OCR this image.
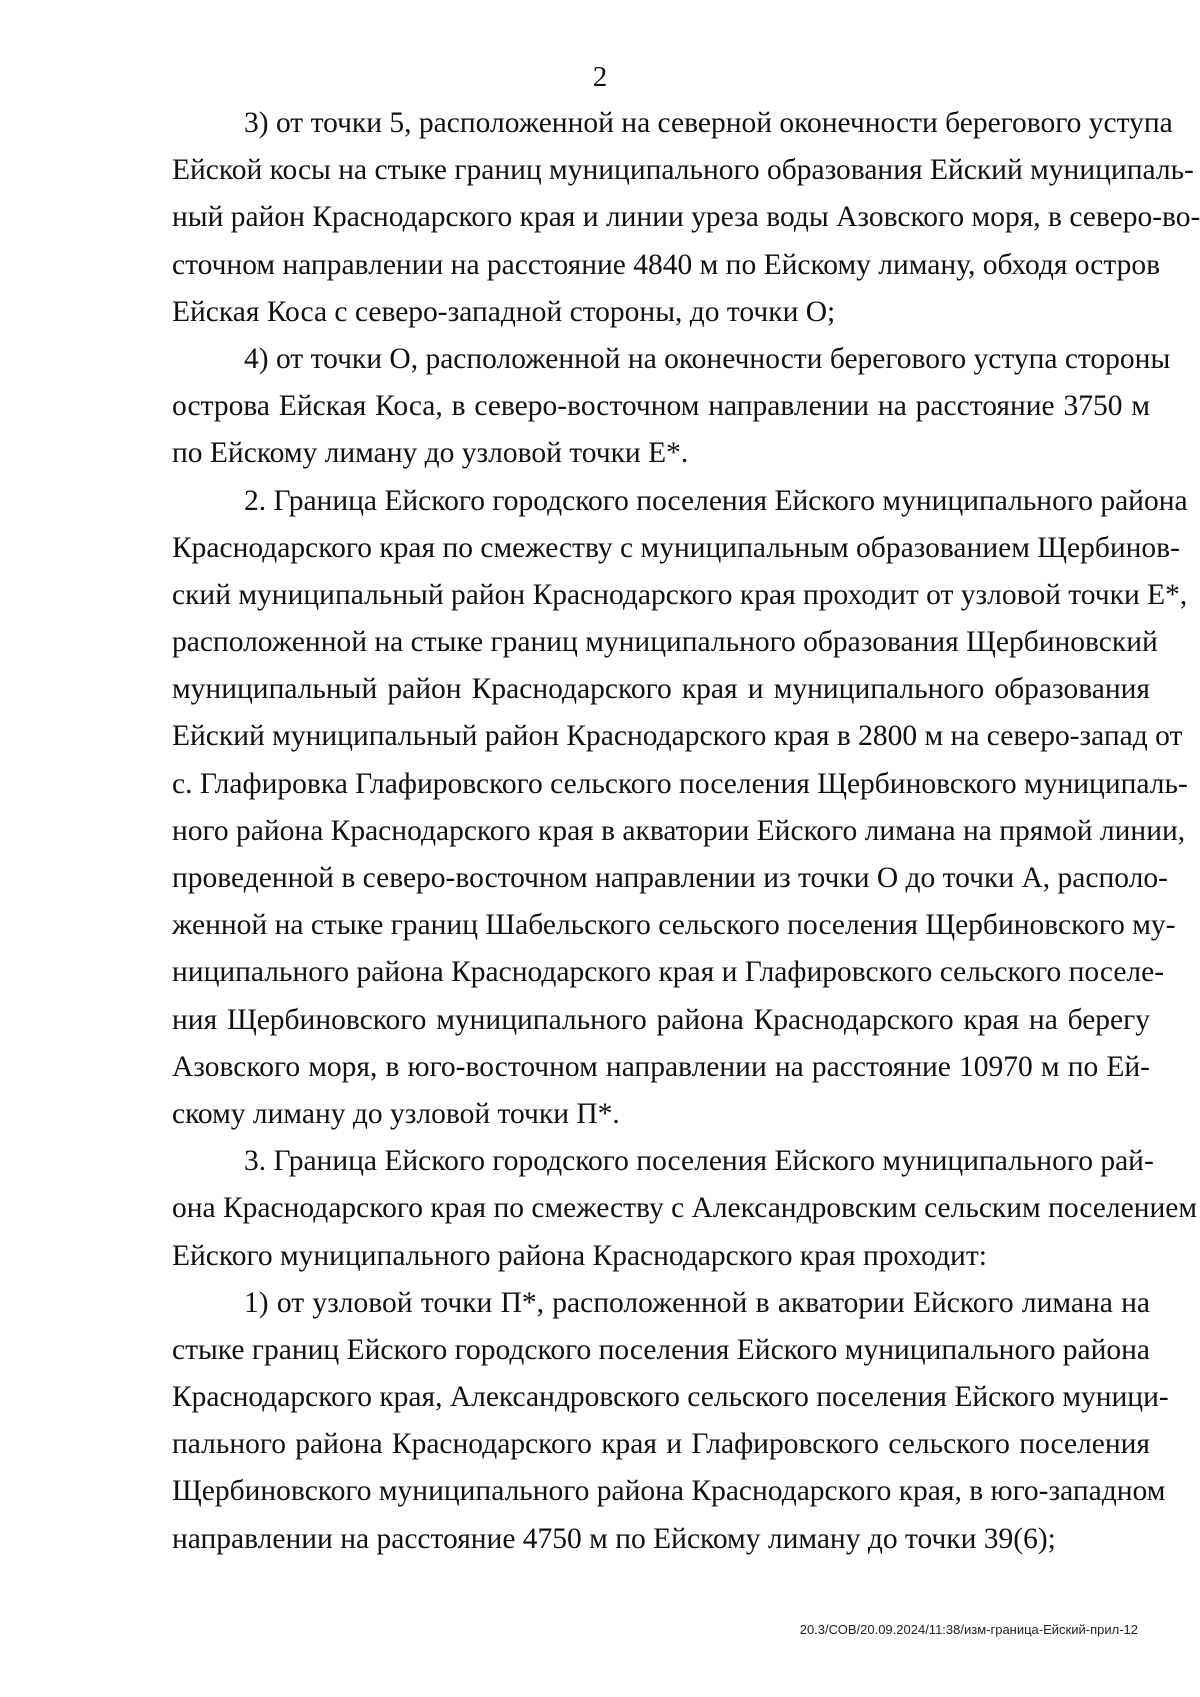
2
3) от точки 5, расположенной на северной оконечности берегового уступа
Ейской косы на стыке границ муниципального образования Ейский муниципаль-
ный район Краснодарского края и линии уреза воды Азовского моря, в северо-во-
сточном направлении на расстояние 4840 м по Ейскому лиману, обходя остров
Ейская Коса с северо-западной стороны, до точки О;
4) от точки О, расположенной на оконечности берегового уступа стороны
острова Ейская Коса, в северо-восточном направлении на расстояние 3750 м
по Ейскому лиману до узловой точки Е*.
2. Граница Ейского городского поселения Ейского муниципального района
Краснодарского края по смежеству с муниципальным образованием Щербинов-
ский муниципальный район Краснодарского края проходит от узловой точки Е*,
расположенной на стыке границ муниципального образования Щербиновский
муниципальный район Краснодарского края и муниципального образования
Ейский муниципальный район Краснодарского края в 2800 м на северо-запад от
с. Глафировка Глафировского сельского поселения Щербиновского муниципаль-
ного района Краснодарского края в акватории Ейского лимана на прямой линии,
проведенной в северо-восточном направлении из точки О до точки А, располо-
женной на стыке границ Шабельского сельского поселения Щербиновского му-
ниципального района Краснодарского края и Глафировского сельского поселе-
ния Щербиновского муниципального района Краснодарского края на берегу
Азовского моря, в юго-восточном направлении на расстояние 10970 м по Ей-
скому лиману до узловой точки П*.
3. Граница Ейского городского поселения Ейского муниципального рай-
она Краснодарского края по смежеству с Александровским сельским поселением
Ейского муниципального района Краснодарского края проходит:
1) от узловой точки П*, расположенной в акватории Ейского лимана на
стыке границ Ейского городского поселения Ейского муниципального района
Краснодарского края, Александровского сельского поселения Ейского муници-
пального района Краснодарского края и Глафировского сельского поселения
Щербиновского муниципального района Краснодарского края, в юго-западном
направлении на расстояние 4750 м по Ейскому лиману до точки 39(6);
20.3/СОВ/20.09.2024/11:38/изм-граница-Ейский-прил-12
